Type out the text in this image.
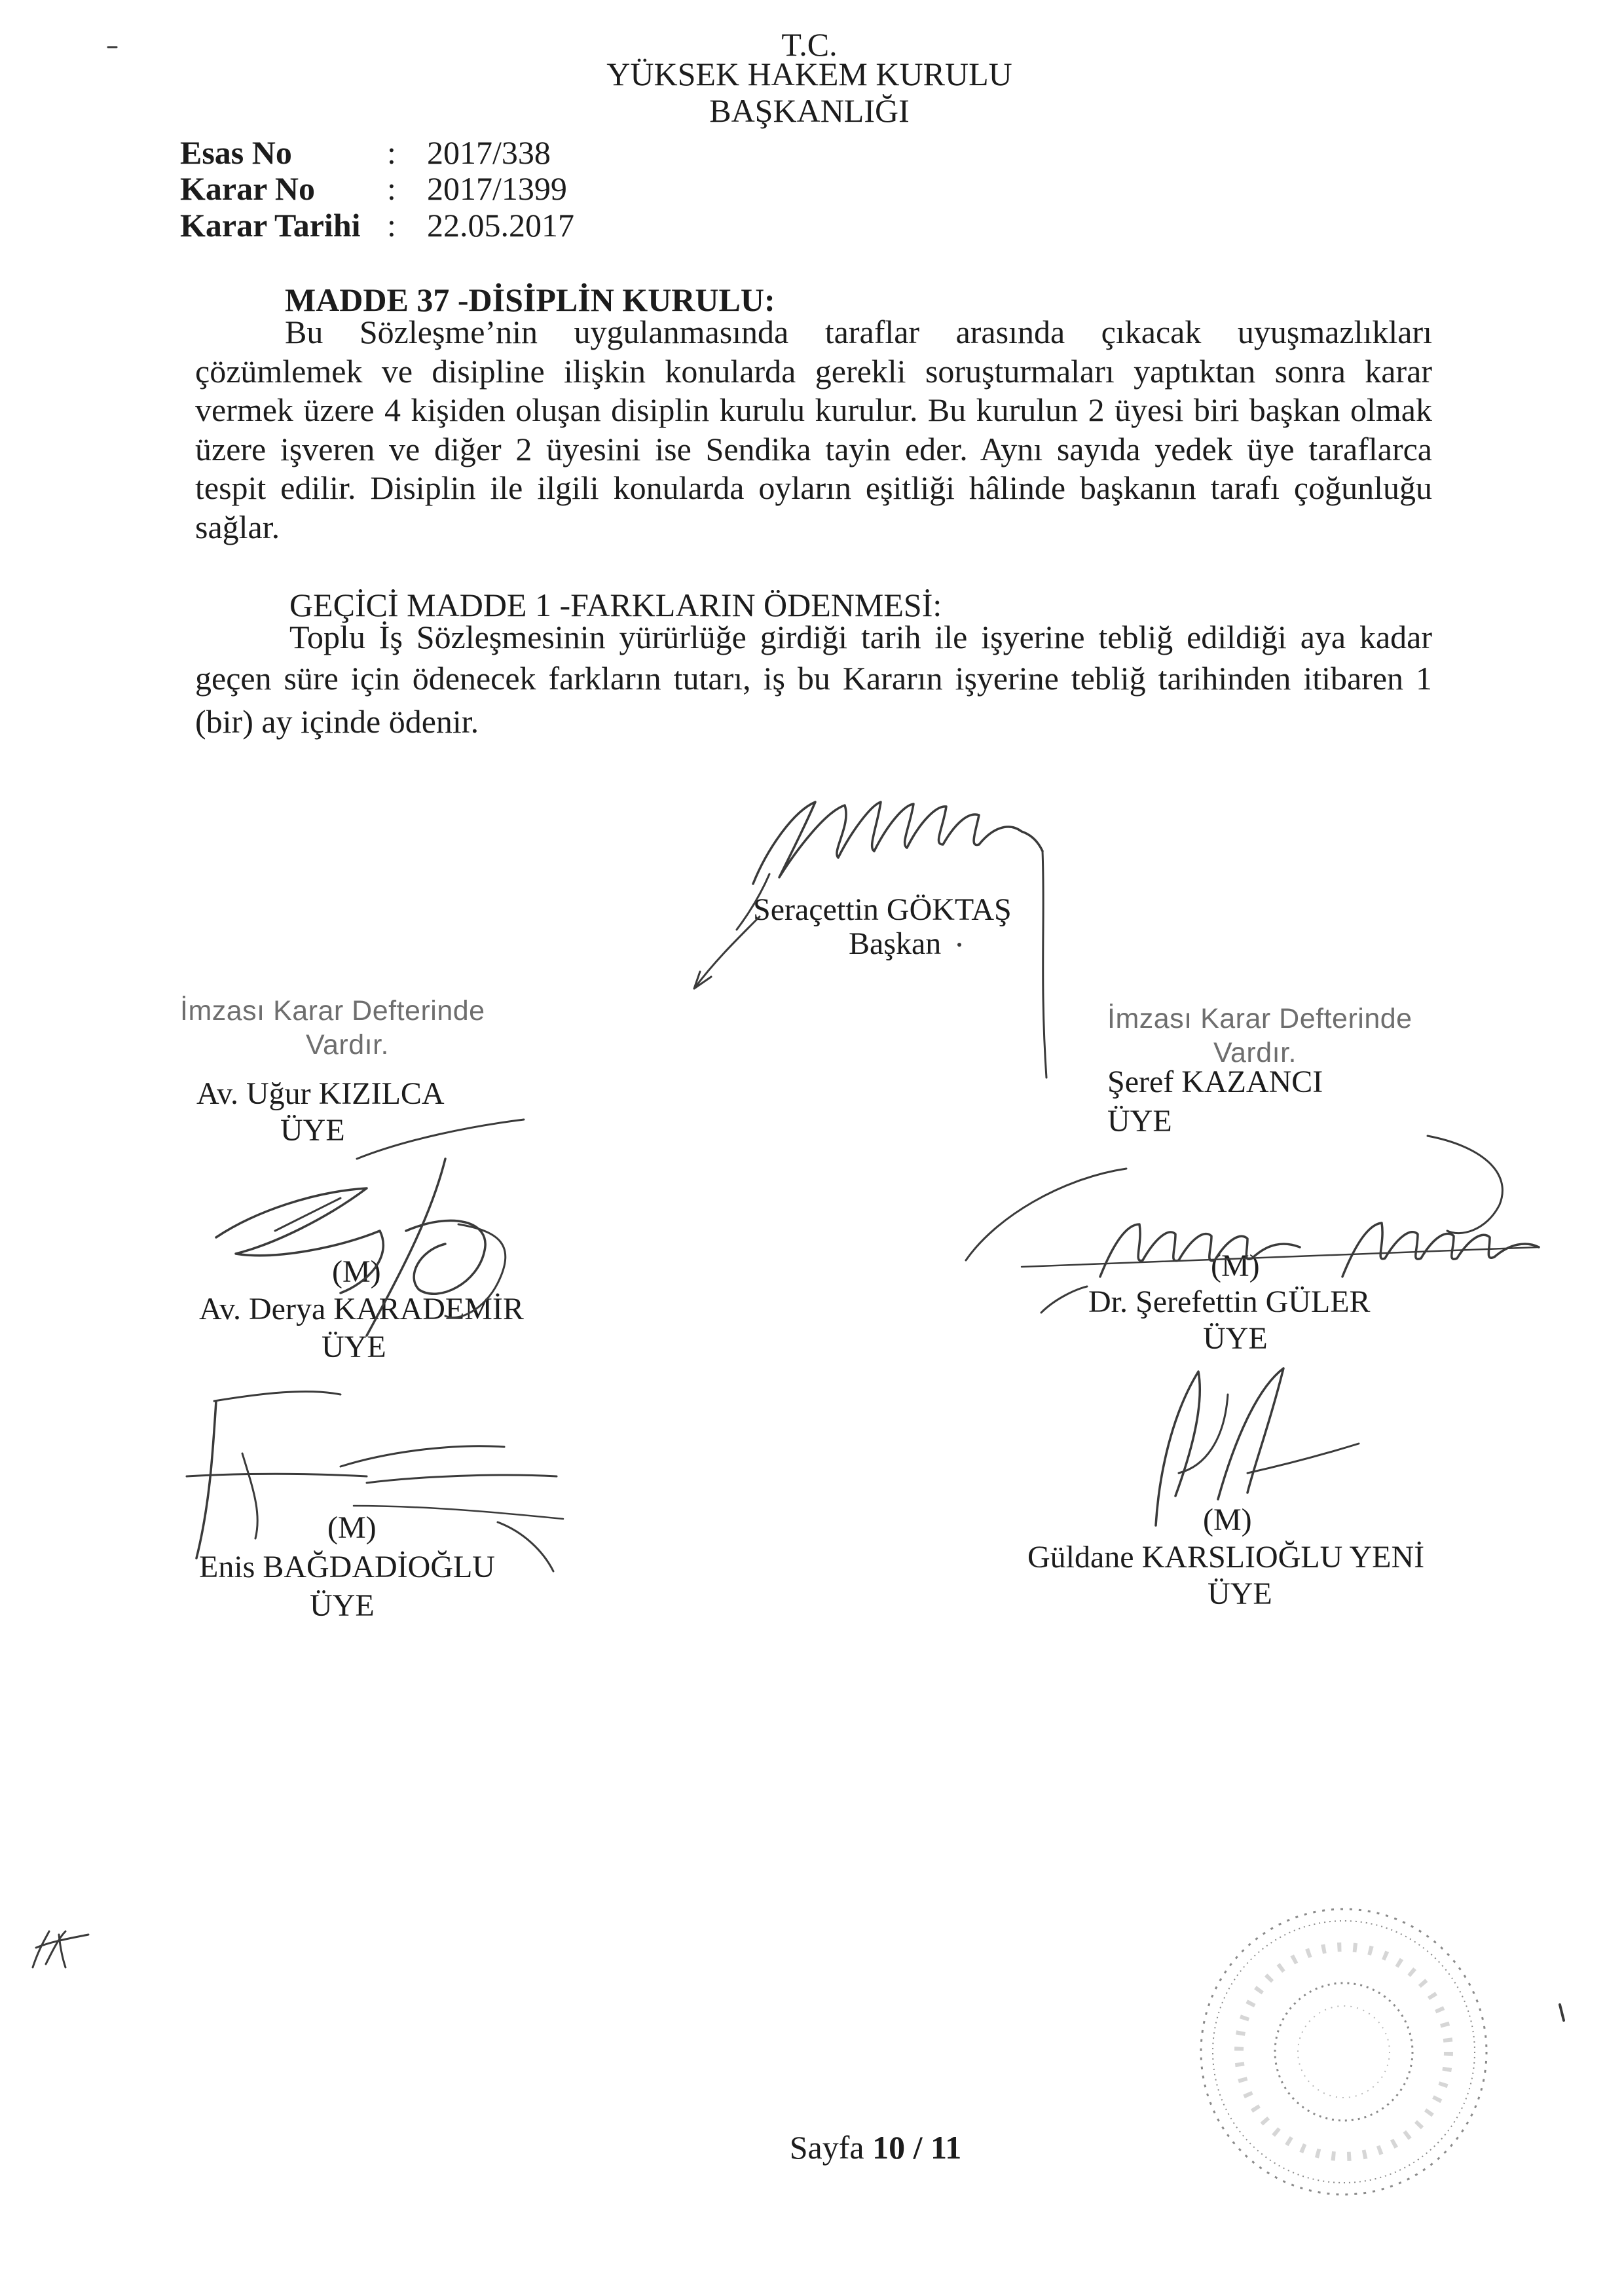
T.C.
YÜKSEK HAKEM KURULU
BAŞKANLIĞI
Esas No	: 2017/338
Karar No : 2017/1399
Karar Tarihi : 22.05.2017
MADDE 37 -DİSİPLİN KURULU:
Bu Sözleşme’nin uygulanmasında taraflar arasında çıkacak uyuşmazlıkları
çözümlemek ve disipline ilişkin konularda gerekli soruşturmaları yaptıktan sonra karar
vermek üzere 4 kişiden oluşan disiplin kurulu kurulur. Bu kurulun 2 üyesi biri başkan olmak
üzere işveren ve diğer 2 üyesini ise Sendika tayin eder. Aynı sayıda yedek üye taraflarca
tespit edilir. Disiplin ile ilgili konularda oyların eşitliği hâlinde başkanın tarafı çoğunluğu
sağlar.
GEÇİCİ MADDE 1 -FARKLARIN ÖDENMESİ:
Toplu İş Sözleşmesinin yürürlüğe girdiği tarih ile işyerine tebliğ edildiği aya kadar
geçen süre için ödenecek farkların tutarı, iş bu Kararın işyerine tebliğ tarihinden itibaren 1
(bir) ay içinde ödenir.
Seraçettin GÖKTAŞ
Başkan
İmzası Karar Defterinde
Vardır.
Av. Uğur KIZILCA
ÜYE
(M)
Av. Derya KARADEMİR
ÜYE
(M)
Enis BAĞDADİOĞLU
ÜYE
İmzası Karar Defterinde
Vardır.
Şeref KAZANCI
ÜYE
(M)
Dr. Şerefettin GÜLER
ÜYE
(M)
Güldane KARSLIOĞLU YENİ
ÜYE
Sayfa 10 / 11
